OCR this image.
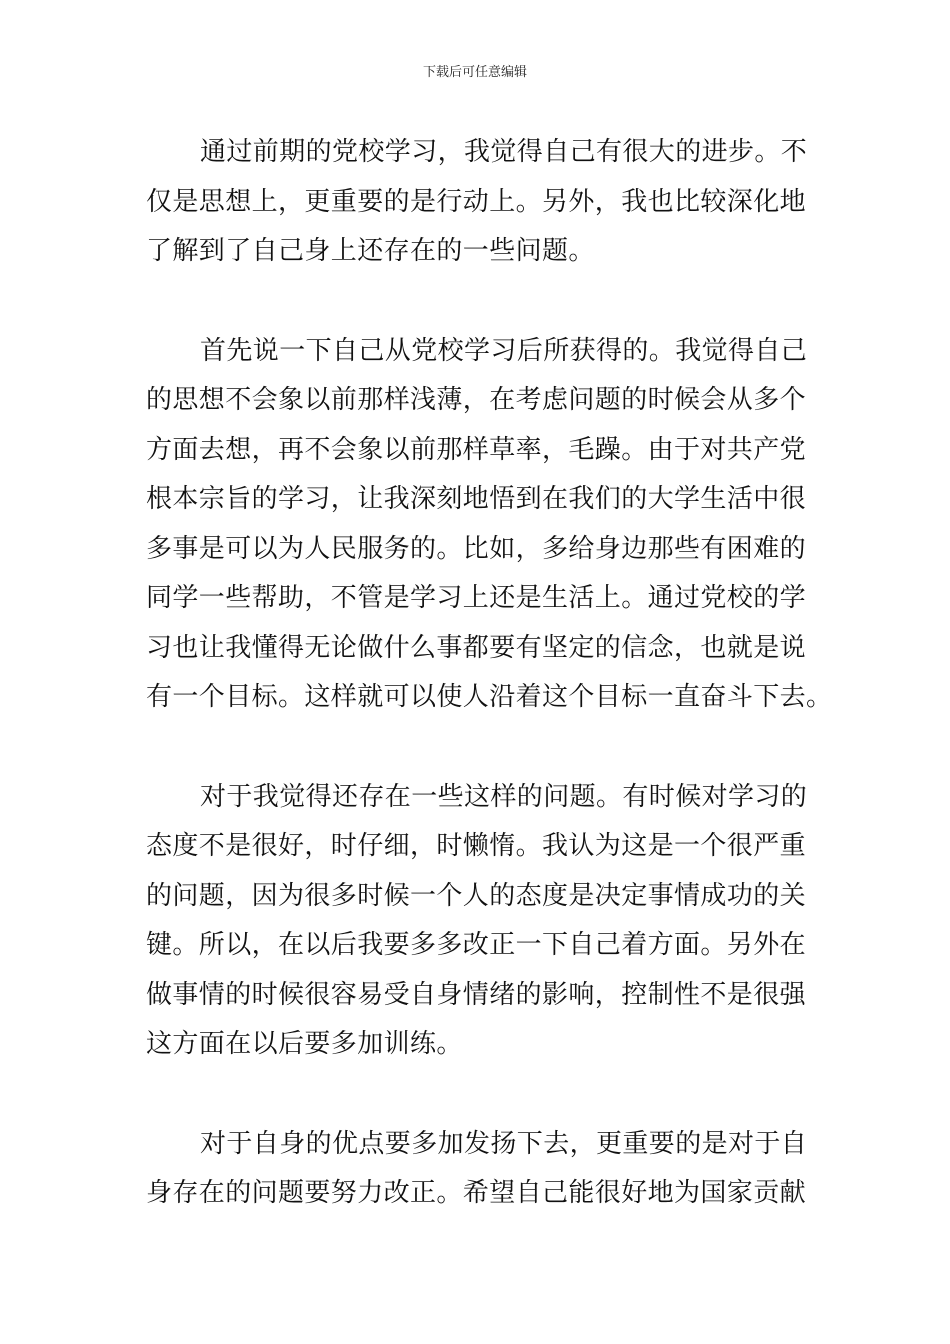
下载后可任意编辑
通过前期的党校学习，我觉得自己有很大的进步。不
仅是思想上，更重要的是行动上。另外，我也比较深化地
了解到了自己身上还存在的一些问题。
首先说一下自己从党校学习后所获得的。我觉得自己
的思想不会象以前那样浅薄，在考虑问题的时候会从多个
方面去想，再不会象以前那样草率，毛躁。由于对共产党
根本宗旨的学习，让我深刻地悟到在我们的大学生活中很
多事是可以为人民服务的。比如，多给身边那些有困难的
同学一些帮助，不管是学习上还是生活上。通过党校的学
习也让我懂得无论做什么事都要有坚定的信念，也就是说
有一个目标。这样就可以使人沿着这个目标一直奋斗下去。
对于我觉得还存在一些这样的问题。有时候对学习的
态度不是很好，时仔细，时懒惰。我认为这是一个很严重
的问题，因为很多时候一个人的态度是决定事情成功的关
键。所以，在以后我要多多改正一下自己着方面。另外在
做事情的时候很容易受自身情绪的影响，控制性不是很强
这方面在以后要多加训练。
对于自身的优点要多加发扬下去，更重要的是对于自
身存在的问题要努力改正。希望自己能很好地为国家贡献
